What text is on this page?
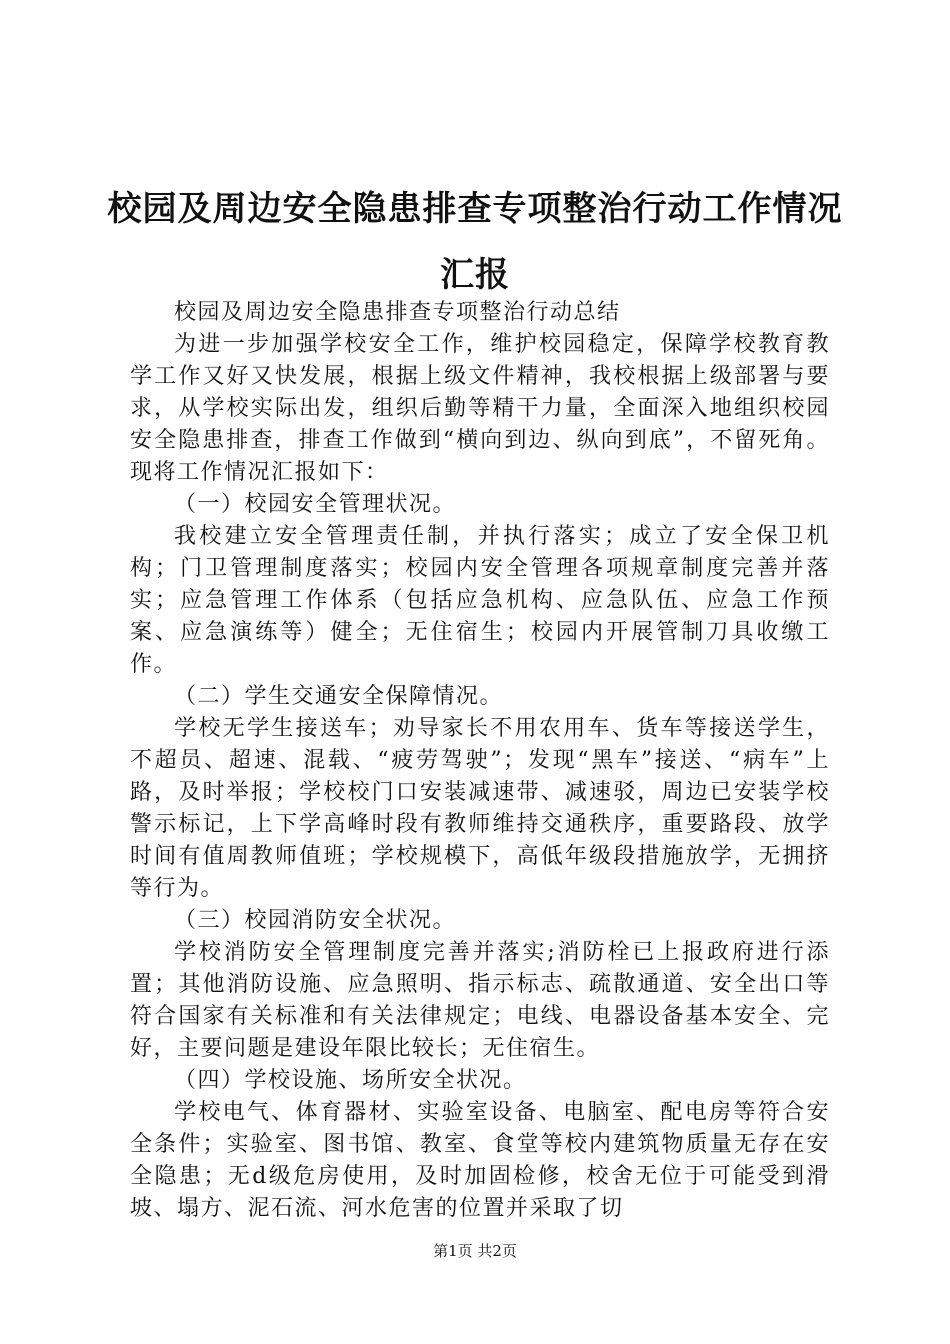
校园及周边安全隐患排查专项整治行动工作情况汇报

校园及周边安全隐患排查专项整治行动总结

为进一步加强学校安全工作，维护校园稳定，保障学校教育教学工作又好又快发展，根据上级文件精神，我校根据上级部署与要求，从学校实际出发，组织后勤等精干力量，全面深入地组织校园安全隐患排查，排查工作做到“横向到边、纵向到底”，不留死角。现将工作情况汇报如下：

（一）校园安全管理状况。

我校建立安全管理责任制，并执行落实；成立了安全保卫机构；门卫管理制度落实；校园内安全管理各项规章制度完善并落实；应急管理工作体系（包括应急机构、应急队伍、应急工作预案、应急演练等）健全；无住宿生；校园内开展管制刀具收缴工作。

（二）学生交通安全保障情况。

学校无学生接送车；劝导家长不用农用车、货车等接送学生，不超员、超速、混载、“疲劳驾驶”；发现“黑车”接送、“病车”上路，及时举报；学校校门口安装减速带、减速驳，周边已安装学校警示标记，上下学高峰时段有教师维持交通秩序，重要路段、放学时间有值周教师值班；学校规模下，高低年级段措施放学，无拥挤等行为。

（三）校园消防安全状况。

学校消防安全管理制度完善并落实;消防栓已上报政府进行添置；其他消防设施、应急照明、指示标志、疏散通道、安全出口等符合国家有关标准和有关法律规定；电线、电器设备基本安全、完好，主要问题是建设年限比较长；无住宿生。

（四）学校设施、场所安全状况。

学校电气、体育器材、实验室设备、电脑室、配电房等符合安全条件；实验室、图书馆、教室、食堂等校内建筑物质量无存在安全隐患；无d级危房使用，及时加固检修，校舍无位于可能受到滑坡、塌方、泥石流、河水危害的位置并采取了切

第1页 共2页
